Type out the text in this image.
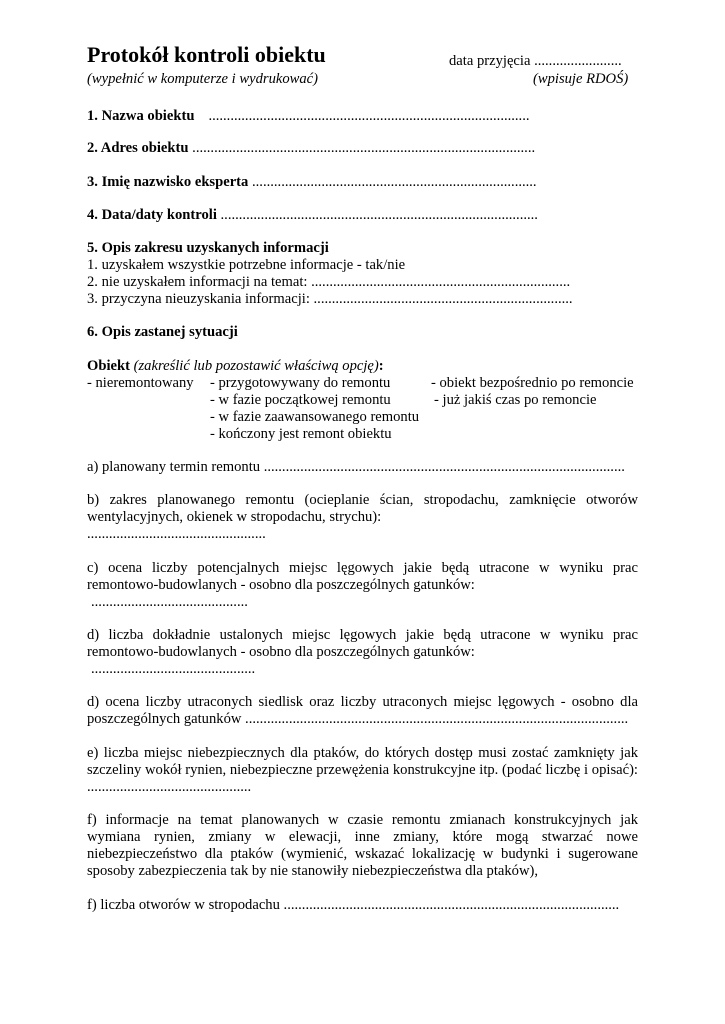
Protokół kontroli obiektu	data przyjęcia ........................
(wypełnić w komputerze i wydrukować)	(wpisuje RDOŚ)
1. Nazwa obiektu ........................................................................................
2. Adres obiektu ..............................................................................................
3. Imię nazwisko eksperta ..............................................................................
4. Data/daty kontroli .......................................................................................
5. Opis zakresu uzyskanych informacji
1. uzyskałem wszystkie potrzebne informacje - tak/nie
2. nie uzyskałem informacji na temat: .......................................................................
3. przyczyna nieuzyskania informacji: .......................................................................
6. Opis zastanej sytuacji
Obiekt (zakreślić lub pozostawić właściwą opcję):
- nieremontowany - przygotowywany do remontu	- obiekt bezpośrednio po remoncie
- w fazie początkowej remontu	- już jakiś czas po remoncie
- w fazie zaawansowanego remontu
- kończony jest remont obiektu
a) planowany termin remontu ...................................................................................................
b) zakres planowanego remontu (ocieplanie ścian, stropodachu, zamknięcie otworów
wentylacyjnych, okienek w stropodachu, strychu):
.................................................
c) ocena liczby potencjalnych miejsc lęgowych jakie będą utracone w wyniku prac
remontowo-budowlanych - osobno dla poszczególnych gatunków:
...........................................
d) liczba dokładnie ustalonych miejsc lęgowych jakie będą utracone w wyniku prac
remontowo-budowlanych - osobno dla poszczególnych gatunków:
.............................................
d) ocena liczby utraconych siedlisk oraz liczby utraconych miejsc lęgowych - osobno dla
poszczególnych gatunków .........................................................................................................
e) liczba miejsc niebezpiecznych dla ptaków, do których dostęp musi zostać zamknięty jak
szczeliny wokół rynien, niebezpieczne przewężenia konstrukcyjne itp. (podać liczbę i opisać):
.............................................
f) informacje na temat planowanych w czasie remontu zmianach konstrukcyjnych jak
wymiana rynien, zmiany w elewacji, inne zmiany, które mogą stwarzać nowe
niebezpieczeństwo dla ptaków (wymienić, wskazać lokalizację w budynki i sugerowane
sposoby zabezpieczenia tak by nie stanowiły niebezpieczeństwa dla ptaków),
f) liczba otworów w stropodachu ............................................................................................
